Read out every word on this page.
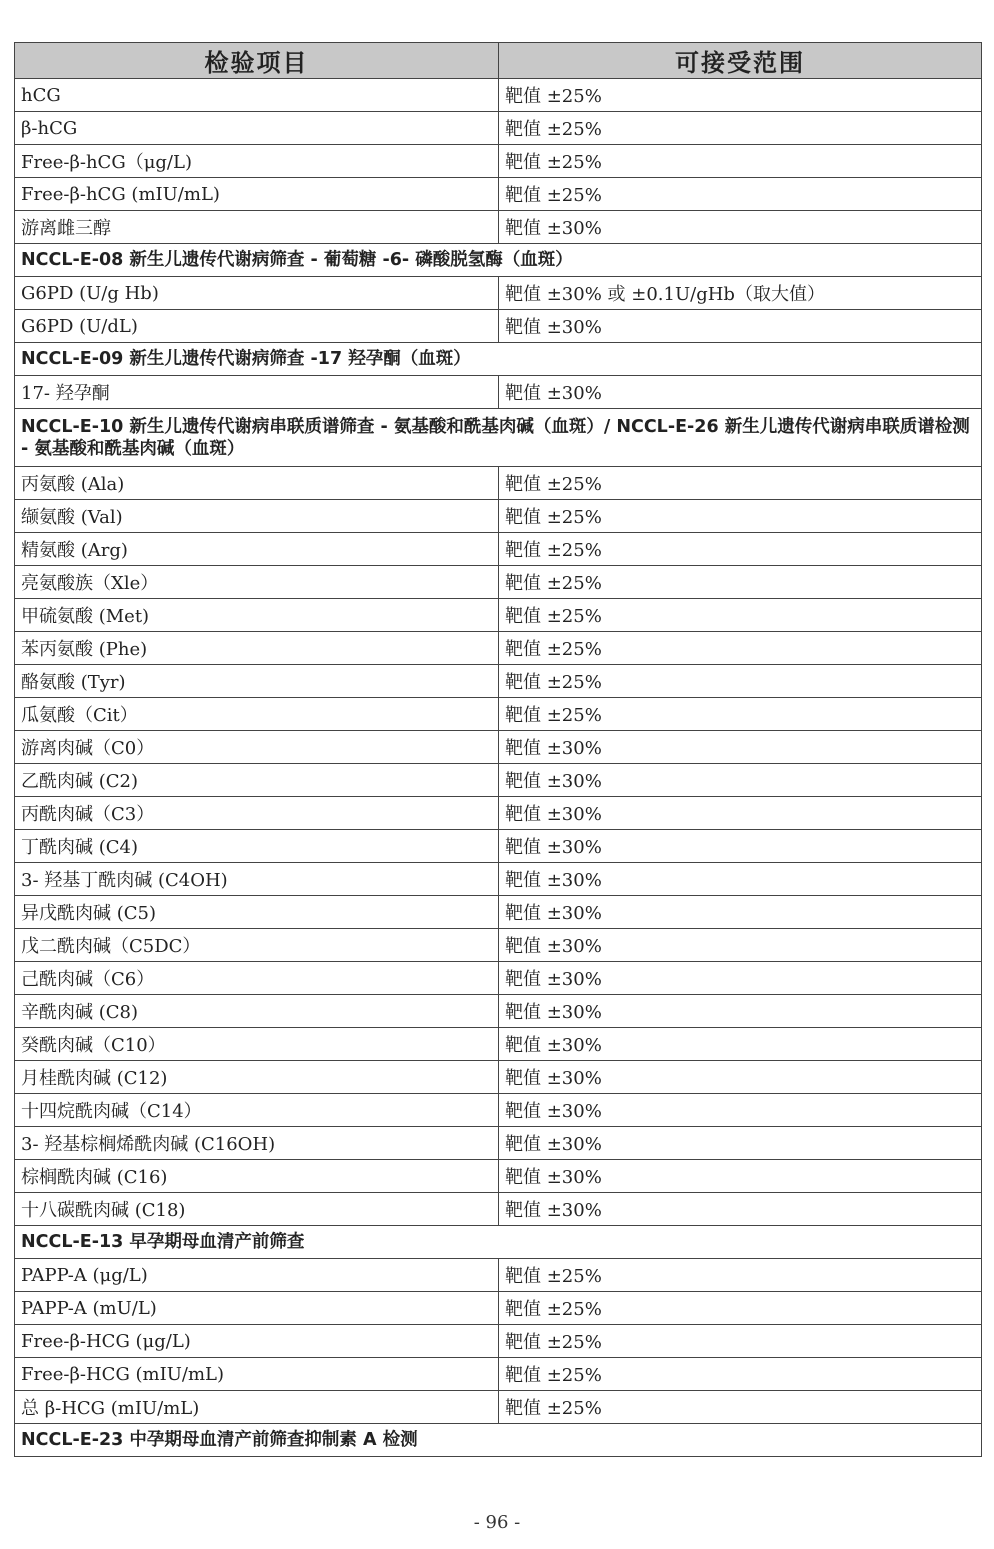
检验项目	可接受范围
hCG	靶值 ±25%
β-hCG	靶值 ±25%
Free-β-hCG（μg/L)	靶值 ±25%
Free-β-hCG (mIU/mL)	靶值 ±25%
游离雌三醇	靶值 ±30%
NCCL-E-08 新生儿遗传代谢病筛查 - 葡萄糖 -6- 磷酸脱氢酶（血斑）	
G6PD (U/g Hb)	靶值 ±30% 或 ±0.1U/gHb（取大值）
G6PD (U/dL)	靶值 ±30%
NCCL-E-09 新生儿遗传代谢病筛查 -17 羟孕酮（血斑）	
17- 羟孕酮	靶值 ±30%
NCCL-E-10 新生儿遗传代谢病串联质谱筛查 - 氨基酸和酰基肉碱（血斑）/ NCCL-E-26 新生儿遗传代谢病串联质谱检测 - 氨基酸和酰基肉碱（血斑）	
丙氨酸 (Ala)	靶值 ±25%
缬氨酸 (Val)	靶值 ±25%
精氨酸 (Arg)	靶值 ±25%
亮氨酸族（Xle）	靶值 ±25%
甲硫氨酸 (Met)	靶值 ±25%
苯丙氨酸 (Phe)	靶值 ±25%
酪氨酸 (Tyr)	靶值 ±25%
瓜氨酸（Cit）	靶值 ±25%
游离肉碱（C0）	靶值 ±30%
乙酰肉碱 (C2)	靶值 ±30%
丙酰肉碱（C3）	靶值 ±30%
丁酰肉碱 (C4)	靶值 ±30%
3- 羟基丁酰肉碱 (C4OH)	靶值 ±30%
异戊酰肉碱 (C5)	靶值 ±30%
戊二酰肉碱（C5DC）	靶值 ±30%
己酰肉碱（C6）	靶值 ±30%
辛酰肉碱 (C8)	靶值 ±30%
癸酰肉碱（C10）	靶值 ±30%
月桂酰肉碱 (C12)	靶值 ±30%
十四烷酰肉碱（C14）	靶值 ±30%
3- 羟基棕榈烯酰肉碱 (C16OH)	靶值 ±30%
棕榈酰肉碱 (C16)	靶值 ±30%
十八碳酰肉碱 (C18)	靶值 ±30%
NCCL-E-13 早孕期母血清产前筛查	
PAPP-A (μg/L)	靶值 ±25%
PAPP-A (mU/L)	靶值 ±25%
Free-β-HCG (μg/L)	靶值 ±25%
Free-β-HCG (mIU/mL)	靶值 ±25%
总 β-HCG (mIU/mL)	靶值 ±25%
NCCL-E-23 中孕期母血清产前筛查抑制素 A 检测	
- 96 -
